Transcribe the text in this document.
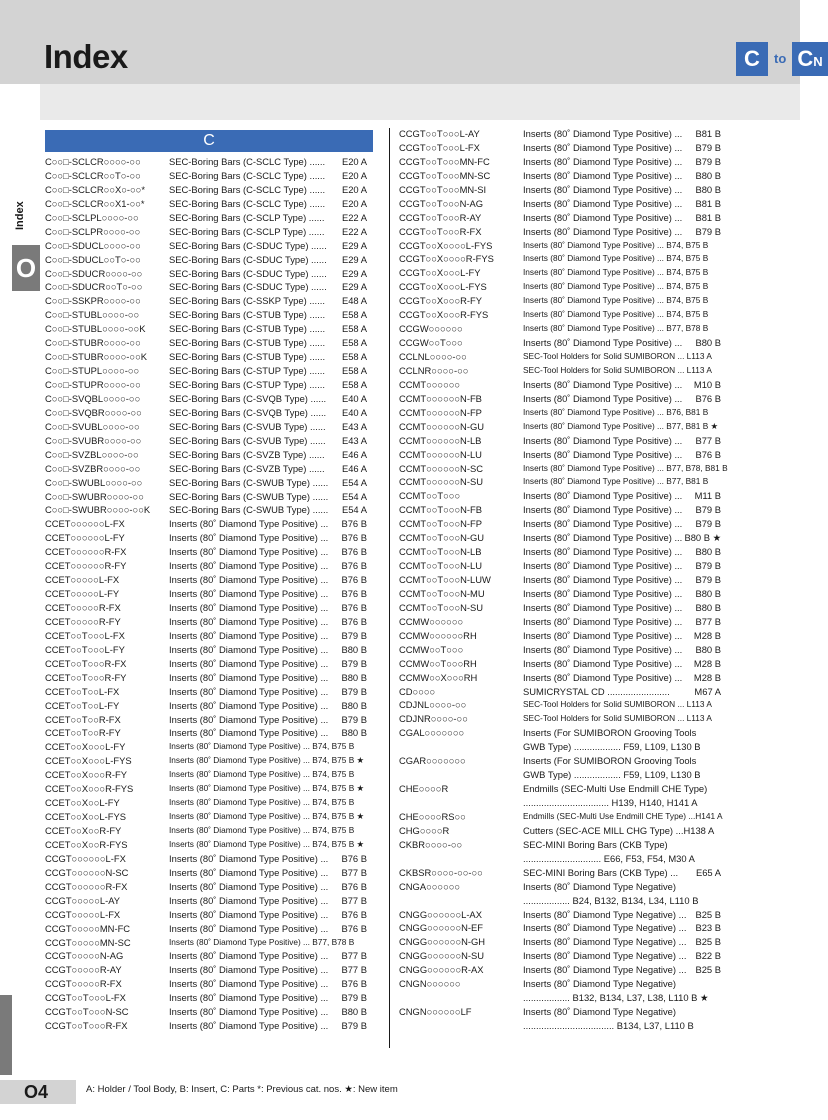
Index	C	to CN
Index
O
C
C○○□-SCLCR○○○○-○○	SEC-Boring Bars (C-SCLC Type) ...... E20 A
C○○□-SCLCR○○T○-○○	SEC-Boring Bars (C-SCLC Type) ...... E20 A
C○○□-SCLCR○○X○-○○*	SEC-Boring Bars (C-SCLC Type) ...... E20 A
C○○□-SCLCR○○X1-○○*	SEC-Boring Bars (C-SCLC Type) ...... E20 A
C○○□-SCLPL○○○○-○○	SEC-Boring Bars (C-SCLP Type) ...... E22 A
C○○□-SCLPR○○○○-○○	SEC-Boring Bars (C-SCLP Type) ...... E22 A
C○○□-SDUCL○○○○-○○	SEC-Boring Bars (C-SDUC Type) ...... E29 A
C○○□-SDUCL○○T○-○○	SEC-Boring Bars (C-SDUC Type) ...... E29 A
C○○□-SDUCR○○○○-○○	SEC-Boring Bars (C-SDUC Type) ...... E29 A
C○○□-SDUCR○○T○-○○	SEC-Boring Bars (C-SDUC Type) ...... E29 A
C○○□-SSKPR○○○○-○○	SEC-Boring Bars (C-SSKP Type) ...... E48 A
C○○□-STUBL○○○○-○○	SEC-Boring Bars (C-STUB Type) ...... E58 A
C○○□-STUBL○○○○-○○K	SEC-Boring Bars (C-STUB Type) ...... E58 A
C○○□-STUBR○○○○-○○	SEC-Boring Bars (C-STUB Type) ...... E58 A
C○○□-STUBR○○○○-○○K SEC-Boring Bars (C-STUB Type) ...... E58 A
C○○□-STUPL○○○○-○○	SEC-Boring Bars (C-STUP Type) ...... E58 A
C○○□-STUPR○○○○-○○	SEC-Boring Bars (C-STUP Type) ...... E58 A
C○○□-SVQBL○○○○-○○	SEC-Boring Bars (C-SVQB Type) ...... E40 A
C○○□-SVQBR○○○○-○○	SEC-Boring Bars (C-SVQB Type) ...... E40 A
C○○□-SVUBL○○○○-○○	SEC-Boring Bars (C-SVUB Type) ...... E43 A
C○○□-SVUBR○○○○-○○	SEC-Boring Bars (C-SVUB Type) ...... E43 A
C○○□-SVZBL○○○○-○○	SEC-Boring Bars (C-SVZB Type) ...... E46 A
C○○□-SVZBR○○○○-○○	SEC-Boring Bars (C-SVZB Type) ...... E46 A
C○○□-SWUBL○○○○-○○	SEC-Boring Bars (C-SWUB Type) ...... E54 A
C○○□-SWUBR○○○○-○○	SEC-Boring Bars (C-SWUB Type) ...... E54 A
C○○□-SWUBR○○○○-○○K SEC-Boring Bars (C-SWUB Type) ...... E54 A
CCET○○○○○○L-FX	Inserts (80˚ Diamond Type Positive) ... B76 B
CCET○○○○○○L-FY	Inserts (80˚ Diamond Type Positive) ... B76 B
CCET○○○○○○R-FX	Inserts (80˚ Diamond Type Positive) ... B76 B
CCET○○○○○○R-FY	Inserts (80˚ Diamond Type Positive) ... B76 B
CCET○○○○○L-FX	Inserts (80˚ Diamond Type Positive) ... B76 B
CCET○○○○○L-FY	Inserts (80˚ Diamond Type Positive) ... B76 B
CCET○○○○○R-FX	Inserts (80˚ Diamond Type Positive) ... B76 B
CCET○○○○○R-FY	Inserts (80˚ Diamond Type Positive) ... B76 B
CCET○○T○○○L-FX	Inserts (80˚ Diamond Type Positive) ... B79 B
CCET○○T○○○L-FY	Inserts (80˚ Diamond Type Positive) ... B80 B
CCET○○T○○○R-FX	Inserts (80˚ Diamond Type Positive) ... B79 B
CCET○○T○○○R-FY	Inserts (80˚ Diamond Type Positive) ... B80 B
CCET○○T○○L-FX	Inserts (80˚ Diamond Type Positive) ... B79 B
CCET○○T○○L-FY	Inserts (80˚ Diamond Type Positive) ... B80 B
CCET○○T○○R-FX	Inserts (80˚ Diamond Type Positive) ... B79 B
CCET○○T○○R-FY	Inserts (80˚ Diamond Type Positive) ... B80 B
CCET○○X○○○L-FY	Inserts (80˚ Diamond Type Positive) ... B74, B75 B
CCET○○X○○○L-FYS	Inserts (80˚ Diamond Type Positive) ... B74, B75 B ★
CCET○○X○○○R-FY	Inserts (80˚ Diamond Type Positive) ... B74, B75 B
CCET○○X○○○R-FYS	Inserts (80˚ Diamond Type Positive) ... B74, B75 B ★
CCET○○X○○L-FY	Inserts (80˚ Diamond Type Positive) ... B74, B75 B
CCET○○X○○L-FYS	Inserts (80˚ Diamond Type Positive) ... B74, B75 B ★
CCET○○X○○R-FY	Inserts (80˚ Diamond Type Positive) ... B74, B75 B
CCET○○X○○R-FYS	Inserts (80˚ Diamond Type Positive) ... B74, B75 B ★
CCGT○○○○○○L-FX	Inserts (80˚ Diamond Type Positive) ... B76 B
CCGT○○○○○○N-SC	Inserts (80˚ Diamond Type Positive) ... B77 B
CCGT○○○○○○R-FX	Inserts (80˚ Diamond Type Positive) ... B76 B
CCGT○○○○○L-AY	Inserts (80˚ Diamond Type Positive) ... B77 B
CCGT○○○○○L-FX	Inserts (80˚ Diamond Type Positive) ... B76 B
CCGT○○○○○MN-FC	Inserts (80˚ Diamond Type Positive) ... B76 B
CCGT○○○○○MN-SC	Inserts (80˚ Diamond Type Positive) ... B77, B78 B
CCGT○○○○○N-AG	Inserts (80˚ Diamond Type Positive) ... B77 B
CCGT○○○○○R-AY	Inserts (80˚ Diamond Type Positive) ... B77 B
CCGT○○○○○R-FX	Inserts (80˚ Diamond Type Positive) ... B76 B
CCGT○○T○○○L-FX	Inserts (80˚ Diamond Type Positive) ... B79 B
CCGT○○T○○○N-SC	Inserts (80˚ Diamond Type Positive) ... B80 B
CCGT○○T○○○R-FX	Inserts (80˚ Diamond Type Positive) ... B79 B
CCGT○○T○○○L-AY	Inserts (80˚ Diamond Type Positive) ... B81 B
CCGT○○T○○○L-FX	Inserts (80˚ Diamond Type Positive) ... B79 B
CCGT○○T○○○MN-FC	Inserts (80˚ Diamond Type Positive) ... B79 B
CCGT○○T○○○MN-SC	Inserts (80˚ Diamond Type Positive) ... B80 B
CCGT○○T○○○MN-SI	Inserts (80˚ Diamond Type Positive) ... B80 B
CCGT○○T○○○N-AG	Inserts (80˚ Diamond Type Positive) ... B81 B
CCGT○○T○○○R-AY	Inserts (80˚ Diamond Type Positive) ... B81 B
CCGT○○T○○○R-FX	Inserts (80˚ Diamond Type Positive) ... B79 B
CCGT○○X○○○○L-FYS	Inserts (80˚ Diamond Type Positive) ... B74, B75 B
CCGT○○X○○○○R-FYS	Inserts (80˚ Diamond Type Positive) ... B74, B75 B
CCGT○○X○○○L-FY	Inserts (80˚ Diamond Type Positive) ... B74, B75 B
CCGT○○X○○○L-FYS	Inserts (80˚ Diamond Type Positive) ... B74, B75 B
CCGT○○X○○○R-FY	Inserts (80˚ Diamond Type Positive) ... B74, B75 B
CCGT○○X○○○R-FYS	Inserts (80˚ Diamond Type Positive) ... B74, B75 B
CCGW○○○○○○	Inserts (80˚ Diamond Type Positive) ... B77, B78 B
CCGW○○T○○○	Inserts (80˚ Diamond Type Positive) ... B80 B
CCLNL○○○○-○○	SEC-Tool Holders for Solid SUMIBORON ... L113 A
CCLNR○○○○-○○	SEC-Tool Holders for Solid SUMIBORON ... L113 A
CCMT○○○○○○	Inserts (80˚ Diamond Type Positive) ... M10 B
CCMT○○○○○○N-FB	Inserts (80˚ Diamond Type Positive) ... B76 B
CCMT○○○○○○N-FP	Inserts (80˚ Diamond Type Positive) ... B76, B81 B
CCMT○○○○○○N-GU	Inserts (80˚ Diamond Type Positive) ... B77, B81 B ★
CCMT○○○○○○N-LB	Inserts (80˚ Diamond Type Positive) ... B77 B
CCMT○○○○○○N-LU	Inserts (80˚ Diamond Type Positive) ... B76 B
CCMT○○○○○○N-SC	Inserts (80˚ Diamond Type Positive) ... B77, B78, B81 B
CCMT○○○○○○N-SU	Inserts (80˚ Diamond Type Positive) ... B77, B81 B
CCMT○○T○○○	Inserts (80˚ Diamond Type Positive) ... M11 B
CCMT○○T○○○N-FB	Inserts (80˚ Diamond Type Positive) ... B79 B
CCMT○○T○○○N-FP	Inserts (80˚ Diamond Type Positive) ... B79 B
CCMT○○T○○○N-GU	Inserts (80˚ Diamond Type Positive) ... B80 B ★
CCMT○○T○○○N-LB	Inserts (80˚ Diamond Type Positive) ... B80 B
CCMT○○T○○○N-LU	Inserts (80˚ Diamond Type Positive) ... B79 B
CCMT○○T○○○N-LUW	Inserts (80˚ Diamond Type Positive) ... B79 B
CCMT○○T○○○N-MU	Inserts (80˚ Diamond Type Positive) ... B80 B
CCMT○○T○○○N-SU	Inserts (80˚ Diamond Type Positive) ... B80 B
CCMW○○○○○○	Inserts (80˚ Diamond Type Positive) ... B77 B
CCMW○○○○○○RH	Inserts (80˚ Diamond Type Positive) ... M28 B
CCMW○○T○○○	Inserts (80˚ Diamond Type Positive) ... B80 B
CCMW○○T○○○RH	Inserts (80˚ Diamond Type Positive) ... M28 B
CCMW○○X○○○RH	Inserts (80˚ Diamond Type Positive) ... M28 B
CD○○○○	SUMICRYSTAL CD ........................	M67 A
CDJNL○○○○-○○	SEC-Tool Holders for Solid SUMIBORON ... L113 A
CDJNR○○○○-○○	SEC-Tool Holders for Solid SUMIBORON ... L113 A
CGAL○○○○○○○	Inserts (For SUMIBORON Grooving Tools
GWB Type) .................. F59, L109, L130 B
CGAR○○○○○○○	Inserts (For SUMIBORON Grooving Tools
GWB Type) .................. F59, L109, L130 B
CHE○○○○R	Endmills (SEC-Multi Use Endmill CHE Type)
................................. H139, H140, H141 A
CHE○○○○RS○○	Endmills (SEC-Multi Use Endmill CHE Type) ...H141 A
CHG○○○○R	Cutters (SEC-ACE MILL CHG Type) ...H138 A
CKBR○○○○-○○	SEC-MINI Boring Bars (CKB Type)
.............................. E66, F53, F54, M30 A
CKBSR○○○○-○○-○○	SEC-MINI Boring Bars (CKB Type) ... E65 A
CNGA○○○○○○	Inserts (80˚ Diamond Type Negative)
.................. B24, B132, B134, L34, L110 B
CNGG○○○○○○L-AX	Inserts (80˚ Diamond Type Negative) ... B25 B
CNGG○○○○○○N-EF	Inserts (80˚ Diamond Type Negative) ... B23 B
CNGG○○○○○○N-GH	Inserts (80˚ Diamond Type Negative) ... B25 B
CNGG○○○○○○N-SU	Inserts (80˚ Diamond Type Negative) ... B22 B
CNGG○○○○○○R-AX	Inserts (80˚ Diamond Type Negative) ... B25 B
CNGN○○○○○○	Inserts (80˚ Diamond Type Negative)
.................. B132, B134, L37, L38, L110 B ★
CNGN○○○○○○LF	Inserts (80˚ Diamond Type Negative)
................................... B134, L37, L110 B
O4	A: Holder / Tool Body, B: Insert, C: Parts *: Previous cat. nos. ★: New item
